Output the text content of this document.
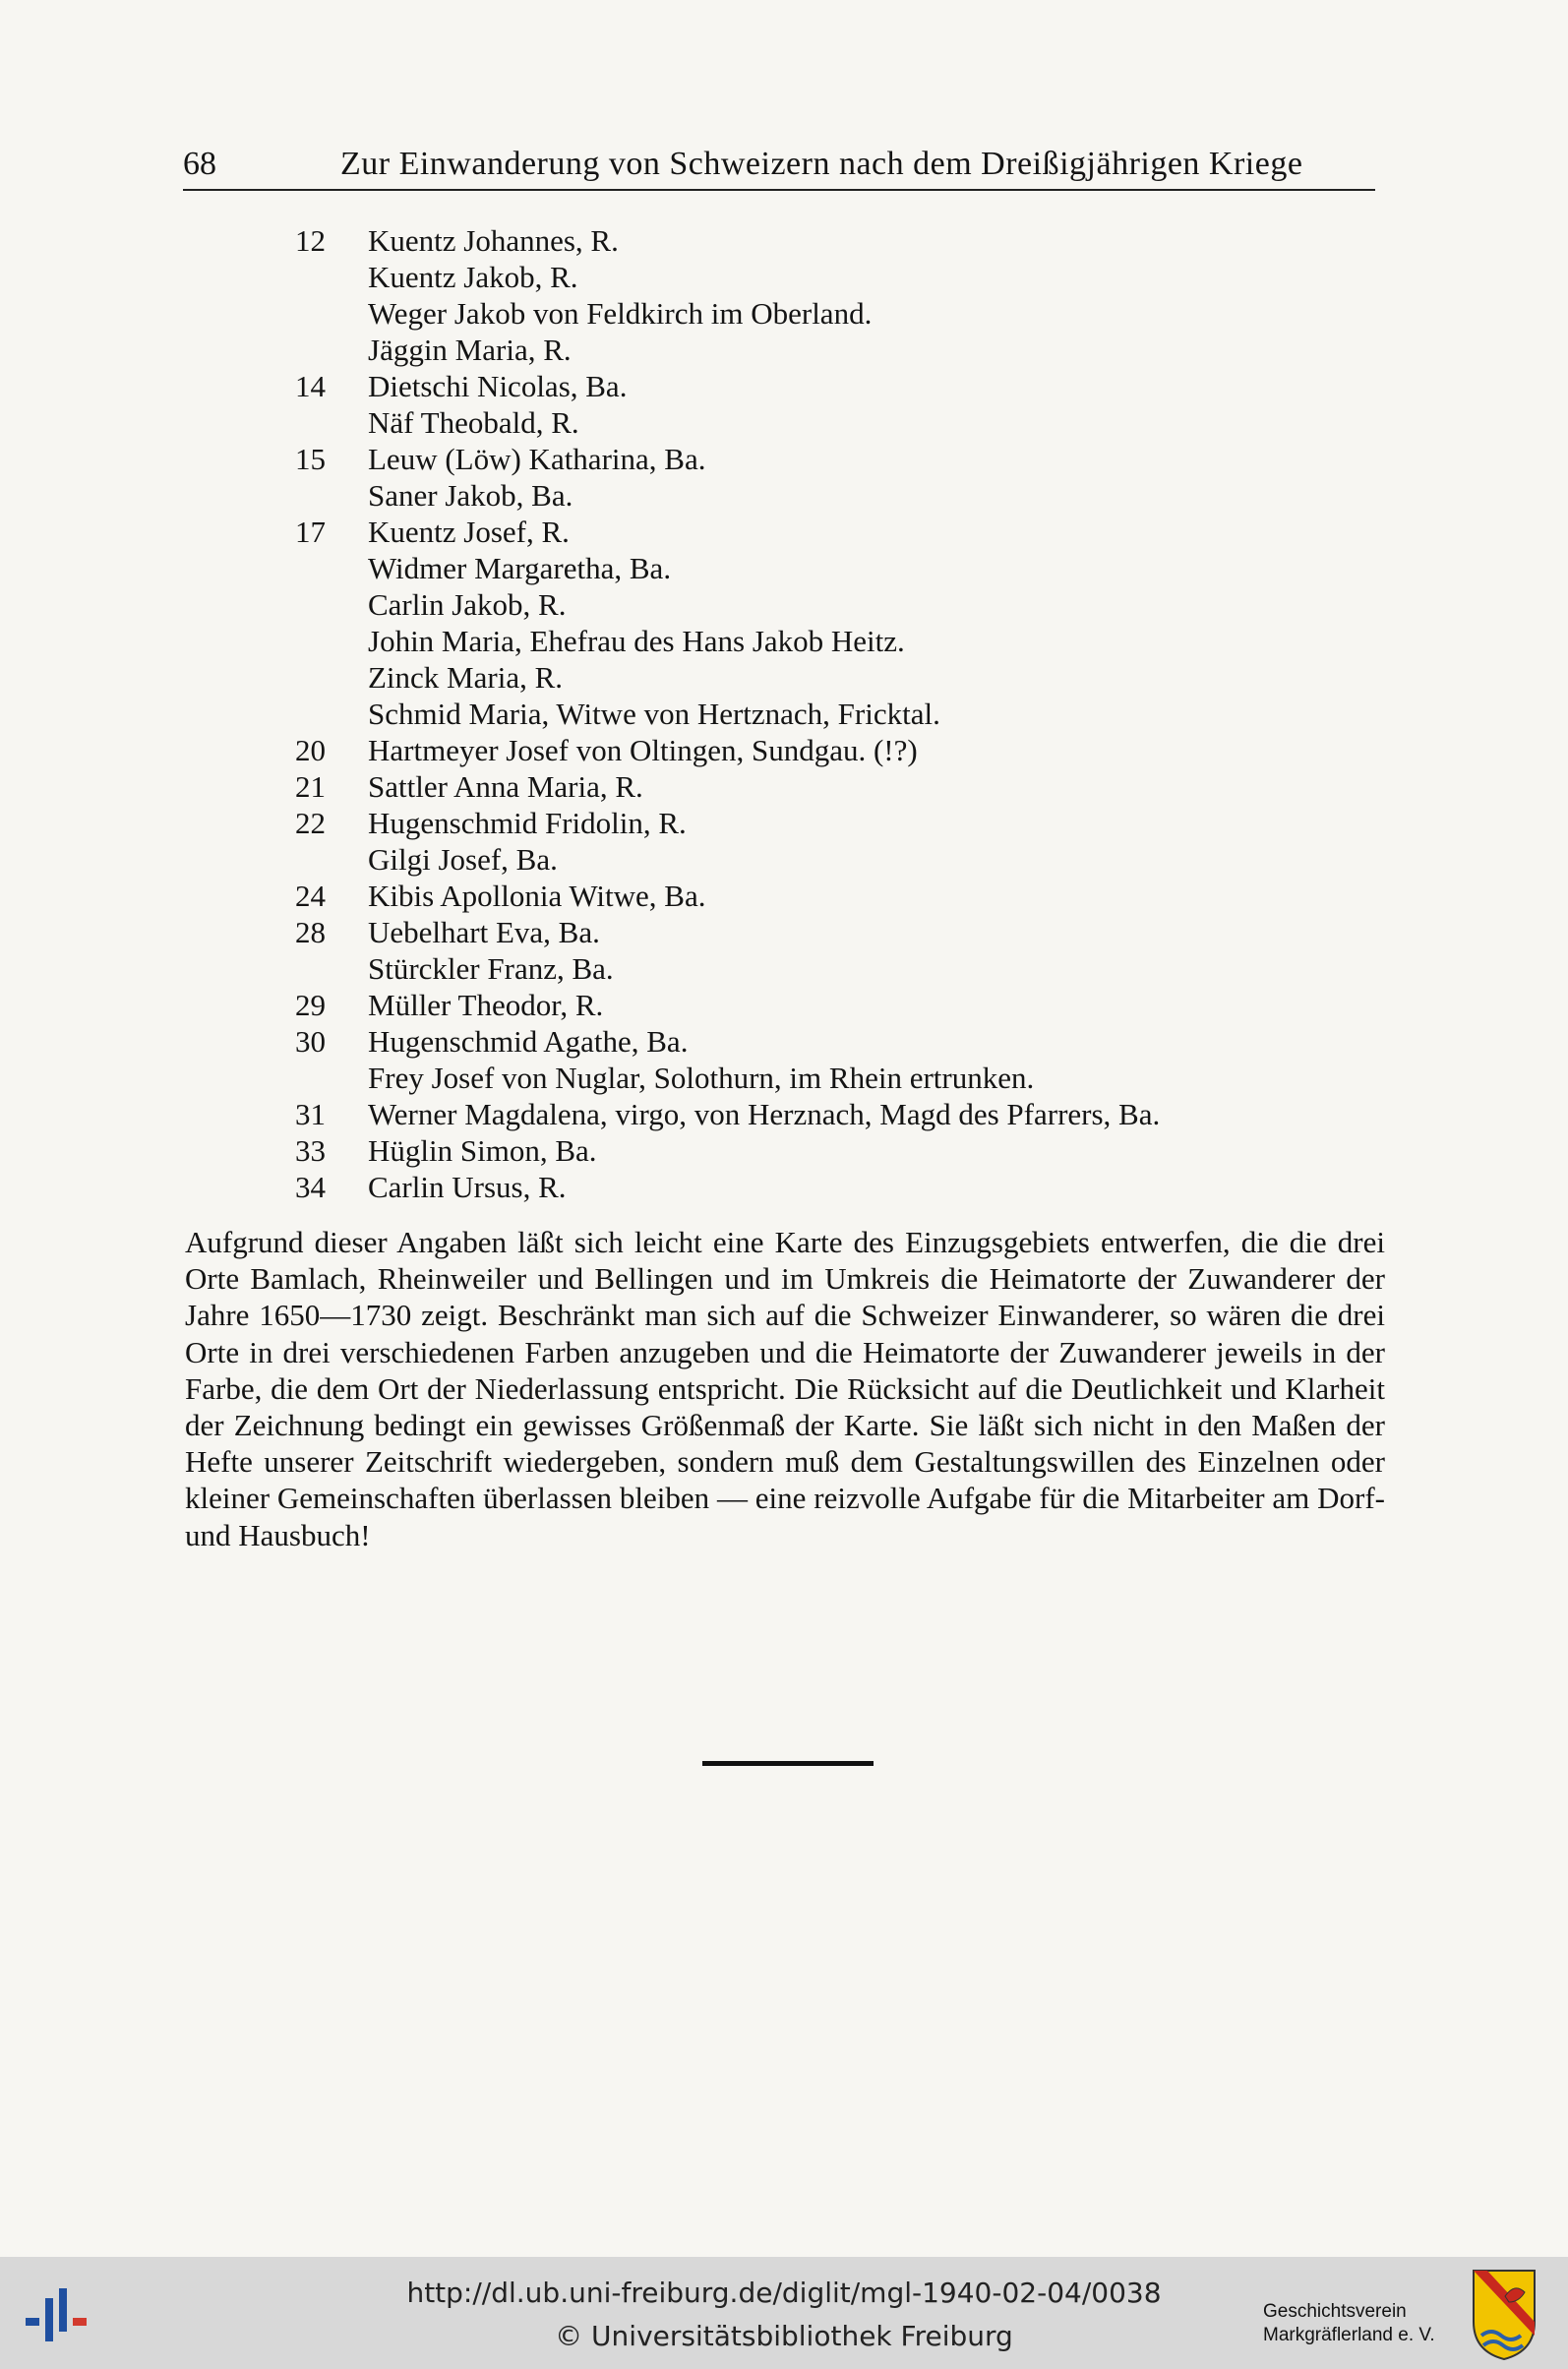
68	Zur Einwanderung von Schweizern nach dem Dreißigjährigen Kriege
12	Kuentz Johannes, R.
Kuentz Jakob, R.
Weger Jakob von Feldkirch im Oberland.
Jäggin Maria, R.
14	Dietschi Nicolas, Ba.
Näf Theobald, R.
15	Leuw (Löw) Katharina, Ba.
Saner Jakob, Ba.
17	Kuentz Josef, R.
Widmer Margaretha, Ba.
Carlin Jakob, R.
Johin Maria, Ehefrau des Hans Jakob Heitz.
Zinck Maria, R.
Schmid Maria, Witwe von Hertznach, Fricktal.
20	Hartmeyer Josef von Oltingen, Sundgau. (!?)
21	Sattler Anna Maria, R.
22	Hugenschmid Fridolin, R.
Gilgi Josef, Ba.
24	Kibis Apollonia Witwe, Ba.
28	Uebelhart Eva, Ba.
Stürckler Franz, Ba.
29	Müller Theodor, R.
30	Hugenschmid Agathe, Ba.
Frey Josef von Nuglar, Solothurn, im Rhein ertrunken.
31	Werner Magdalena, virgo, von Herznach, Magd des Pfarrers, Ba.
33	Hüglin Simon, Ba.
34	Carlin Ursus, R.

Aufgrund dieser Angaben läßt sich leicht eine Karte des Einzugsgebiets entwerfen, die die drei Orte Bamlach, Rheinweiler und Bellingen und im Umkreis die Heimatorte der Zuwanderer der Jahre 1650—1730 zeigt. Beschränkt man sich auf die Schweizer Einwanderer, so wären die drei Orte in drei verschiedenen Farben anzugeben und die Heimatorte der Zuwanderer jeweils in der Farbe, die dem Ort der Niederlassung entspricht. Die Rücksicht auf die Deutlichkeit und Klarheit der Zeichnung bedingt ein gewisses Größenmaß der Karte. Sie läßt sich nicht in den Maßen der Hefte unserer Zeitschrift wiedergeben, sondern muß dem Gestaltungswillen des Einzelnen oder kleiner Gemeinschaften überlassen bleiben — eine reizvolle Aufgabe für die Mitarbeiter am Dorf- und Hausbuch!

http://dl.ub.uni-freiburg.de/diglit/mgl-1940-02-04/0038
© Universitätsbibliothek Freiburg
Geschichtsverein
Markgräflerland e. V.
